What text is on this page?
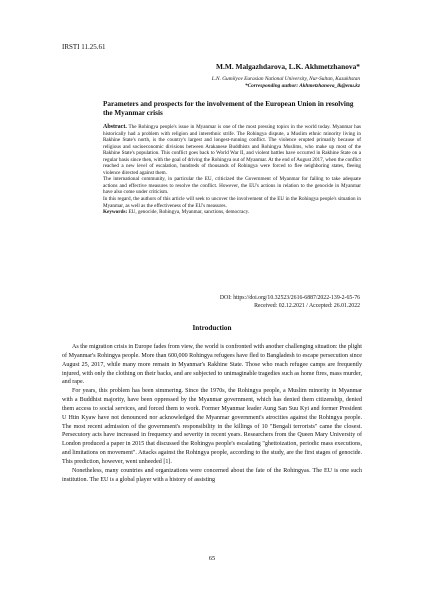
IRSTI 11.25.61
M.M. Malgazhdarova, L.K. Akhmetzhanova*
L.N. Gumilyov Eurasian National University, Nur-Sultan, Kazakhstan
*Corresponding author: Akhmetzhanova_lk@enu.kz
Parameters and prospects for the involvement of the European Union in resolving the Myanmar crisis

Abstract. The Rohingya people's issue in Myanmar is one of the most pressing topics in the world today. Myanmar has historically had a problem with religion and interethnic strife. The Rohingya dispute, a Muslim ethnic minority living in Rakhine State's north, is the country's largest and longest-running conflict. The violence erupted primarily because of religious and socioeconomic divisions between Arakanese Buddhists and Rohingya Muslims, who make up most of the Rakhine State's population. This conflict goes back to World War II, and violent battles have occurred in Rakhine State on a regular basis since then, with the goal of driving the Rohingya out of Myanmar. At the end of August 2017, when the conflict reached a new level of escalation, hundreds of thousands of Rohingya were forced to flee neighboring states, fleeing violence directed against them.

The international community, in particular the EU, criticized the Government of Myanmar for failing to take adequate actions and effective measures to resolve the conflict. However, the EU's actions in relation to the genocide in Myanmar have also come under criticism.

In this regard, the authors of this article will seek to uncover the involvement of the EU in the Rohingya people's situation in Myanmar, as well as the effectiveness of the EU's measures.

Keywords: EU, genocide, Rohingya, Myanmar, sanctions, democracy.

DOI: https://doi.org/10.32523/2616-6887/2022-139-2-65-76
Received: 02.12.2021 / Accepted: 26.01.2022
Introduction

As the migration crisis in Europe fades from view, the world is confronted with another challenging situation: the plight of Myanmar's Rohingya people. More than 600,000 Rohingya refugees have fled to Bangladesh to escape persecution since August 25, 2017, while many more remain in Myanmar's Rakhine State. Those who reach refugee camps are frequently injured, with only the clothing on their backs, and are subjected to unimaginable tragedies such as home fires, mass murder, and rape.

For years, this problem has been simmering. Since the 1970s, the Rohingya people, a Muslim minority in Myanmar with a Buddhist majority, have been oppressed by the Myanmar government, which has denied them citizenship, denied them access to social services, and forced them to work. Former Myanmar leader Aung San Suu Kyi and former President U Htin Kyaw have not denounced nor acknowledged the Myanmar government's atrocities against the Rohingya people. The most recent admission of the government's responsibility in the killings of 10 "Bengali terrorists" came the closest. Persecutory acts have increased in frequency and severity in recent years. Researchers from the Queen Mary University of London produced a paper in 2015 that discussed the Rohingya people's escalating "ghettoization, periodic mass executions, and limitations on movement". Attacks against the Rohingya people, according to the study, are the first stages of genocide. This prediction, however, went unheeded [1].

Nonetheless, many countries and organizations were concerned about the fate of the Rohingyas. The EU is one such institution. The EU is a global player with a history of assisting

65
